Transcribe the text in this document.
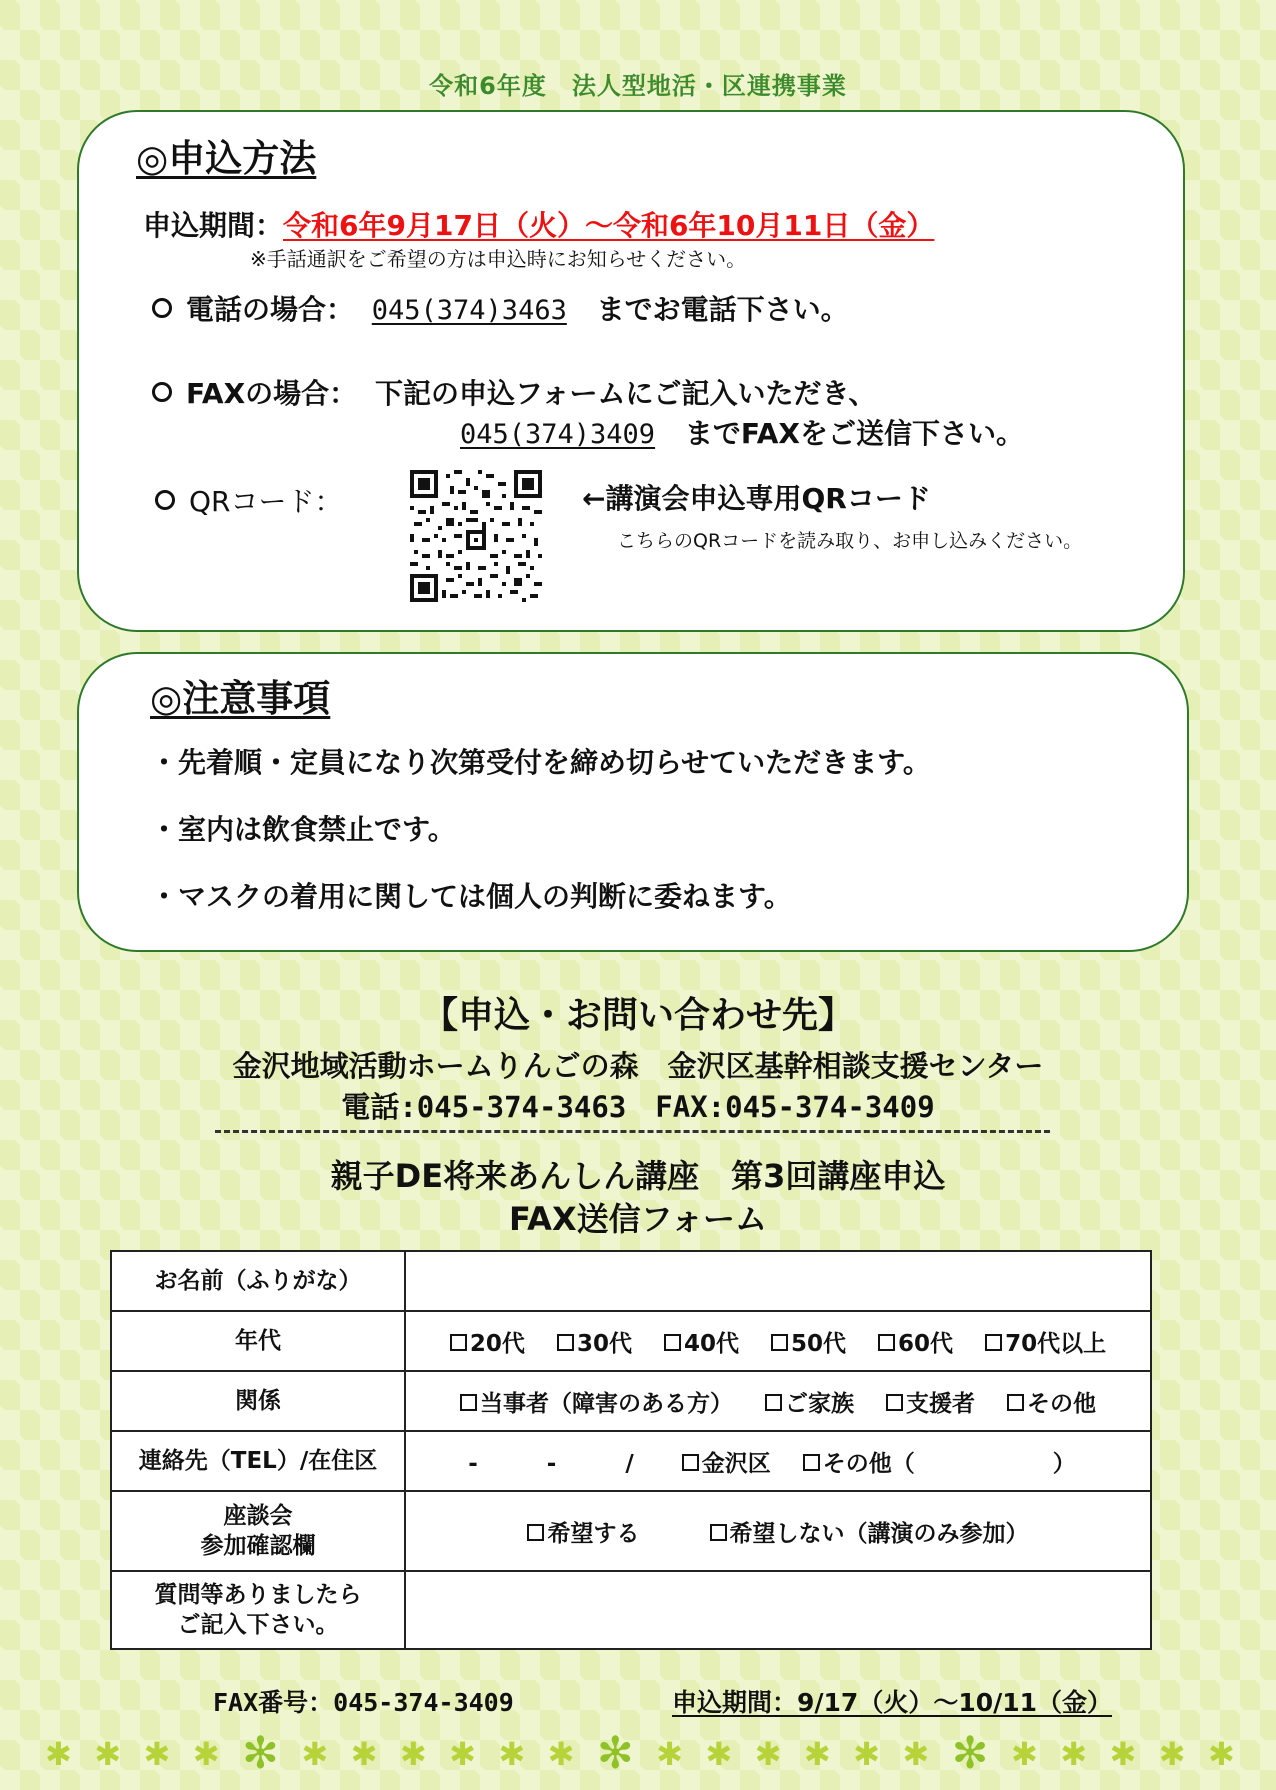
令和6年度　法人型地活・区連携事業
◎申込方法
申込期間：令和6年9月17日（火）～令和6年10月11日（金）
※手話通訳をご希望の方は申込時にお知らせください。
電話の場合： 045(374)3463 までお電話下さい。
FAXの場合： 下記の申込フォームにご記入いただき、
045(374)3409 までFAXをご送信下さい。
QRコード：	←講演会申込専用QRコード
こちらのQRコードを読み取り、お申し込みください。
◎注意事項
・先着順・定員になり次第受付を締め切らせていただきます。
・室内は飲食禁止です。
・マスクの着用に関しては個人の判断に委ねます。
【申込・お問い合わせ先】
金沢地域活動ホームりんごの森　金沢区基幹相談支援センター
電話:045-374-3463　FAX:045-374-3409
親子DE将来あんしん講座　第3回講座申込
FAX送信フォーム
お名前（ふりがな）	
年代	20代 30代 40代 50代 60代 70代以上
関係	当事者（障害のある方） ご家族 支援者 その他
連絡先（TEL）/在住区	-　　　-　　　/ 金沢区 その他（　　　　　　）

座談会
参加確認欄	希望する 希望しない（講演のみ参加）

質問等ありましたら
ご記入下さい。	

FAX番号：045-374-3409	申込期間：9/17（火）～10/11（金）
✱ ✱ ✱ ✱ ✻ ✱ ✱ ✱ ✱ ✱ ✱ ✻ ✱ ✱ ✱ ✱ ✱ ✱ ✻ ✱ ✱ ✱ ✱ ✱
